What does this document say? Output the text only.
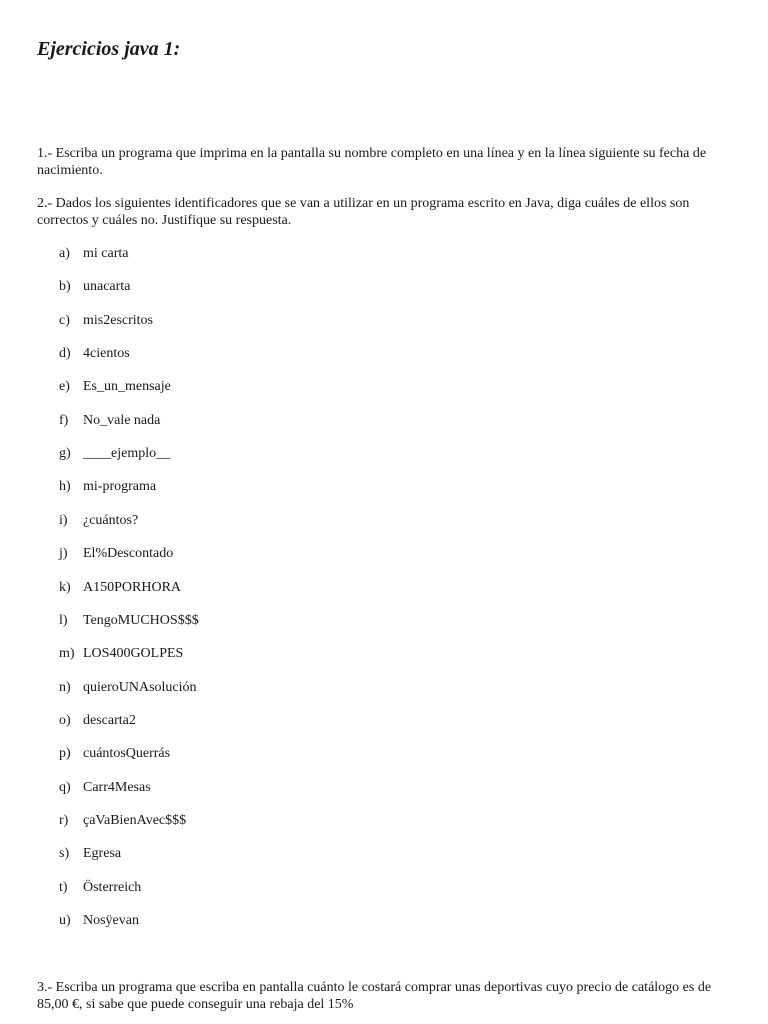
Ejercicios java 1:

1.- Escriba un programa que imprima en la pantalla su nombre completo en una línea y en la línea siguiente su fecha de nacimiento.

2.- Dados los siguientes identificadores que se van a utilizar en un programa escrito en Java, diga cuáles de ellos son correctos y cuáles no. Justifique su respuesta.

a) mi carta
b) unacarta
c) mis2escritos
d) 4cientos
e) Es_un_mensaje
f) No_vale nada
g) ____ejemplo__
h) mi-programa
i) ¿cuántos?
j) El%Descontado
k) A150PORHORA
l) TengoMUCHOS$$$
m) LOS400GOLPES
n) quieroUNAsolución
o) descarta2
p) cuántosQuerrás
q) Carr4Mesas
r) çaVaBienAvec$$$
s) Egresa
t) Österreich
u) Nosÿevan

3.- Escriba un programa que escriba en pantalla cuánto le costará comprar unas deportivas cuyo precio de catálogo es de 85,00 €, si sabe que puede conseguir una rebaja del 15%
